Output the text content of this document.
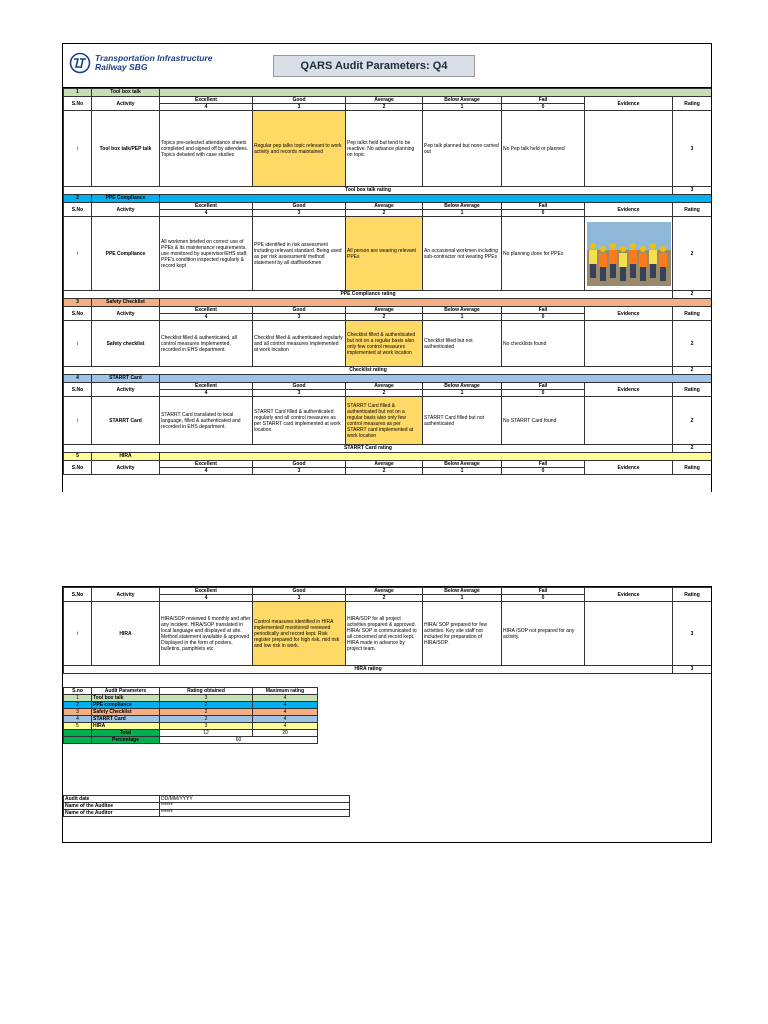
Transportation Infrastructure
Railway SBG	QARS Audit Parameters: Q4
1	Tool box talk							
S.No	Activity	Excellent	Good	Average	Below Average	Fail	Evidence	Rating
		4	3	2	1	0		
i	Tool box talk/PEP talk	Topics pre-selected attendance sheets completed and signed off by attendees. Topics debated with case studies	Regular pep talks topic relevant to work activity and records maintained	Pep talks held but tend to be reactive. No advance planning on topic	Pep talk planned but none carried out	No Pep talk held or planned		3
Tool box talk rating								3
2	PPE Compliance							
S.No	Activity	Excellent	Good	Average	Below Average	Fail	Evidence	Rating
		4	3	2	1	0		
i	PPE Compliance	All workmen briefed on correct use of PPEs & its maintenance requirements. use monitored by supervisor/EHS staff. PPE's condition inspected regularly & record kept	PPE identified in risk assessment including relevant standard. Being used as per risk assessment/ method statement by all staff/workmen	All person are wearing relevant PPEs	An occasional workmen including sub-contractor not wearing PPEs	No planning done for PPEs		2
PPE Compliance rating								2
3	Safety Checklist							
S.No	Activity	Excellent	Good	Average	Below Average	Fail	Evidence	Rating
		4	3	2	1	0		
i	Safety checklist	Checklist filled & authenticated, all control measures implemented, recorded in EHS department.	Checklist filled & authenticated regularly and all control measures implemented at work location	Checklist filled & authenticated but not on a regular basis also only few control measures implemented at work location	Checklist filled but not authenticated	No checklists found		2
Checklist rating								2
4	STARRT Card							
S.No	Activity	Excellent	Good	Average	Below Average	Fail	Evidence	Rating
		4	3	2	1	0		
i	STARRT Card	STARRT Card translated to local language, filled & authenticated and recorded in EHS department.	STARRT Card filled & authenticated regularly and all control measures as per STARRT card implemented at work location.	STARRT Card filled & authenticated but not on a regular basis also only few control measures as per STARRT card implemented at work location	STARRT Card filled but not authenticated	No STARRT Card found		2
STARRT Card rating								2
5	HIRA							
S.No	Activity	Excellent	Good	Average	Below Average	Fail	Evidence	Rating
		4	3	2	1	0		
S.No	Activity	Excellent	Good	Average	Below Average	Fail	Evidence	Rating
		4	3	2	1	0		
i	HIRA	HIRA/SOP reviewed 6 monthly and after any incident. HIRA/SOP translated in local language and displayed at site. Method statement available & approved Displayed in the form of posters, bulletins, pamphlets etc	Control measures identified in HIRA implemented/ monitored/ reviewed periodically and record kept. Risk register prepared for high risk, mid risk and low risk in work.	HIRA/SOP for all project activities prepared & approved. HIRA/ SOP is communicated to all concerned and record kept. HIRA made in advance by project team.	HIRA/ SOP prepared for few activities. Key site staff not included for preparation of HIRA/SOP.	HIRA /SOP not prepared for any activity.		3
HIRA rating								3
S.no	Audit Parameters	Rating obtained	Maximum rating
1	Tool box talk	3	4
2	PPE compliance	2	4
3	Safety Checklist	2	4
4	STARRT Card	2	4
5	HIRA	3	4
	Total	12	20
	Percentage	60	
Audit date	DD/MM/YYYY
Name of the Auditee	******
Name of the Auditor	******
